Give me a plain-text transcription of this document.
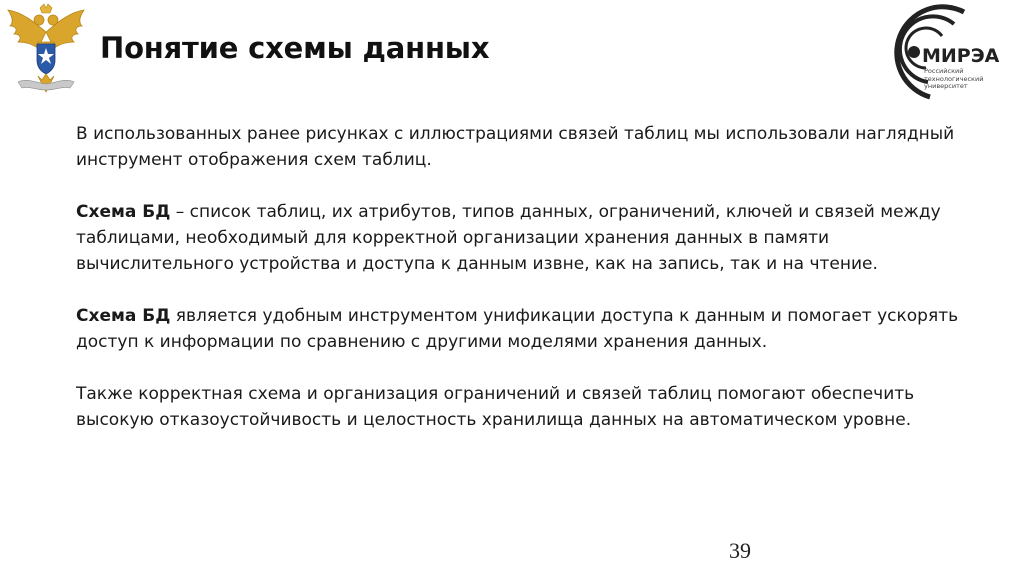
Понятие схемы данных	МИРЭА
Российский
технологический
университет

В использованных ранее рисунках с иллюстрациями связей таблиц мы использовали наглядный инструмент отображения схем таблиц.

Схема БД – список таблиц, их атрибутов, типов данных, ограничений, ключей и связей между таблицами, необходимый для корректной организации хранения данных в памяти вычислительного устройства и доступа к данным извне, как на запись, так и на чтение.

Схема БД является удобным инструментом унификации доступа к данным и помогает ускорять доступ к информации по сравнению с другими моделями хранения данных.

Также корректная схема и организация ограничений и связей таблиц помогают обеспечить высокую отказоустойчивость и целостность хранилища данных на автоматическом уровне.

39
